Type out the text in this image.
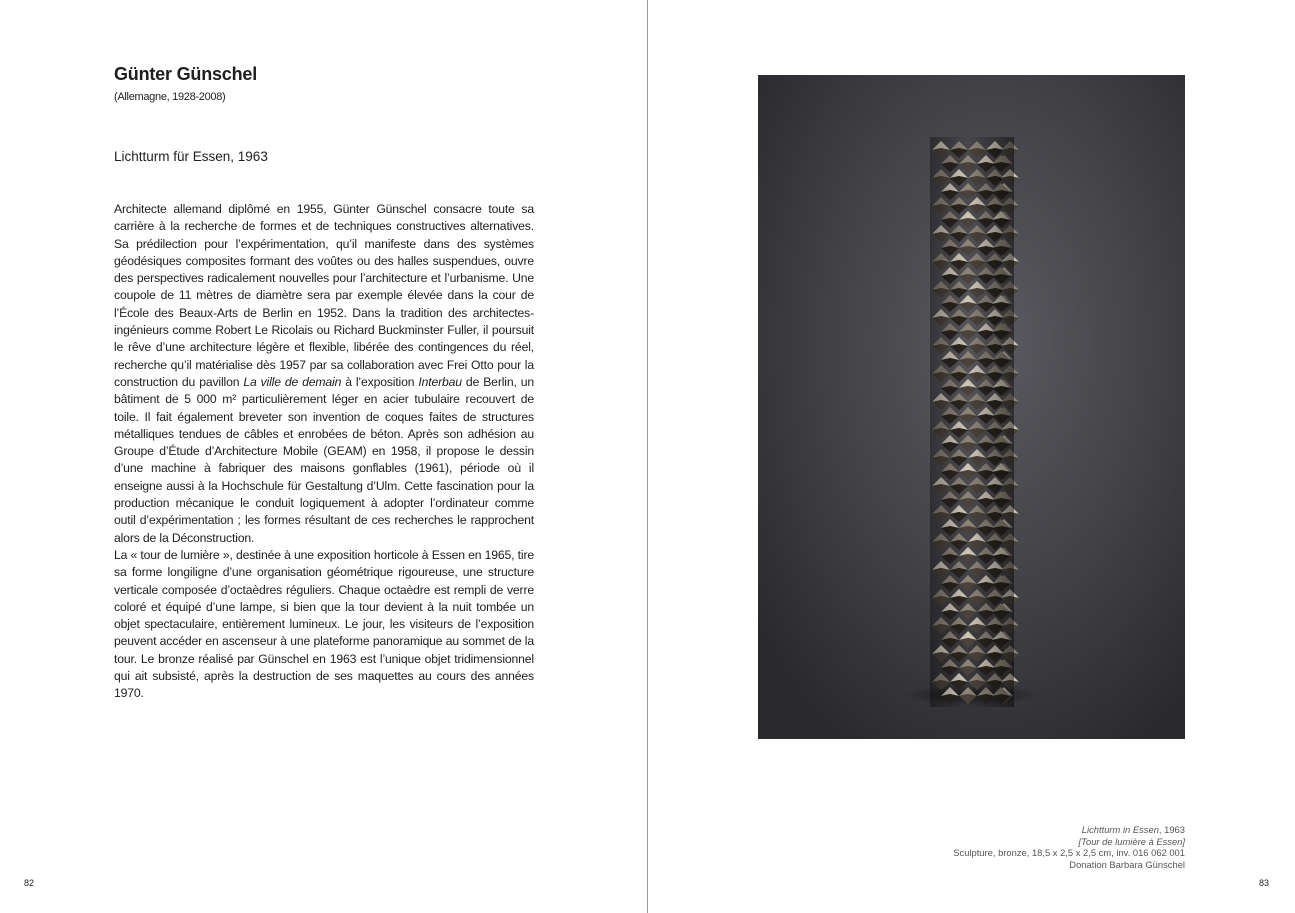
Günter Günschel
(Allemagne, 1928-2008)
Lichtturm für Essen, 1963

Architecte allemand diplômé en 1955, Günter Günschel consacre toute sa carrière à la recherche de formes et de techniques constructives alternatives. Sa prédilection pour l’expérimentation, qu’il manifeste dans des systèmes géodésiques composites formant des voûtes ou des halles suspendues, ouvre des perspectives radicalement nouvelles pour l’architecture et l’urbanisme. Une coupole de 11 mètres de diamètre sera par exemple élevée dans la cour de l’École des Beaux-Arts de Berlin en 1952. Dans la tradition des architectes-ingénieurs comme Robert Le Ricolais ou Richard Buckminster Fuller, il poursuit le rêve d’une architecture légère et flexible, libérée des contingences du réel, recherche qu’il matérialise dès 1957 par sa collaboration avec Frei Otto pour la construction du pavillon La ville de demain à l’exposition Interbau de Berlin, un bâtiment de 5 000 m² particulièrement léger en acier tubulaire recouvert de toile. Il fait également breveter son invention de coques faites de structures métalliques tendues de câbles et enrobées de béton. Après son adhésion au Groupe d’Étude d’Architecture Mobile (GEAM) en 1958, il propose le dessin d’une machine à fabriquer des maisons gonflables (1961), période où il enseigne aussi à la Hochschule für Gestaltung d’Ulm. Cette fascination pour la production mécanique le conduit logiquement à adopter l’ordinateur comme outil d’expérimentation ; les formes résultant de ces recherches le rapprochent alors de la Déconstruction.

La « tour de lumière », destinée à une exposition horticole à Essen en 1965, tire sa forme longiligne d’une organisation géométrique rigoureuse, une structure verticale composée d’octaèdres réguliers. Chaque octaèdre est rempli de verre coloré et équipé d’une lampe, si bien que la tour devient à la nuit tombée un objet spectaculaire, entièrement lumineux. Le jour, les visiteurs de l’exposition peuvent accéder en ascenseur à une plateforme panoramique au sommet de la tour. Le bronze réalisé par Günschel en 1963 est l’unique objet tridimensionnel qui ait subsisté, après la destruction de ses maquettes au cours des années 1970.

82
Lichtturm in Essen, 1963
[Tour de lumière à Essen]
Sculpture, bronze, 18,5 x 2,5 x 2,5 cm, inv. 016 062 001
Donation Barbara Günschel
83
